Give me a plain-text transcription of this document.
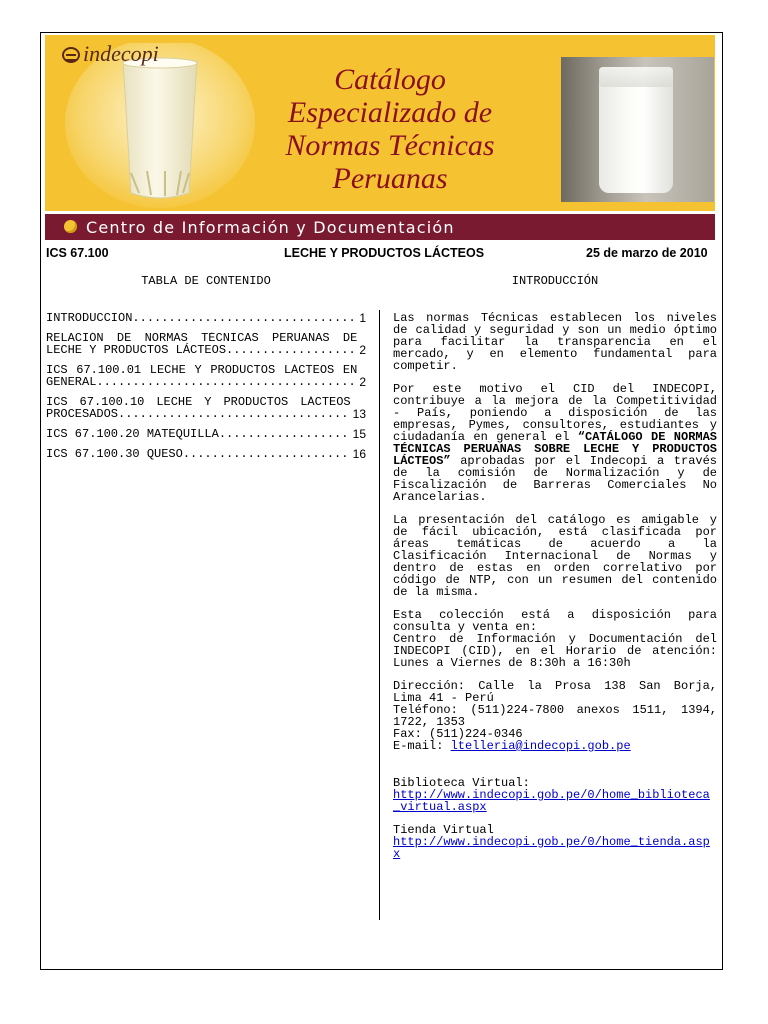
indecopi
Catálogo
Especializado de
Normas Técnicas
Peruanas
Centro de Información y Documentación
ICS 67.100	LECHE Y PRODUCTOS LÁCTEOS	25 de marzo de 2010
TABLA DE CONTENIDO
INTRODUCCIÓN .....	1
RELACIÓN DE NORMAS TÉCNICAS PERUANAS DE LECHE Y PRODUCTOS LÁCTEOS .....	2
ICS 67.100.01 LECHE Y PRODUCTOS LÁCTEOS EN GENERAL .....	2
ICS 67.100.10 LECHE Y PRODUCTOS LÁCTEOS PROCESADOS .....	13
ICS 67.100.20 MATEQUILLA .....	15
ICS 67.100.30 QUESO .....	16
INTRODUCCIÓN

Las normas Técnicas establecen los niveles de calidad y seguridad y son un medio óptimo para facilitar la transparencia en el mercado, y en elemento fundamental para competir.

Por este motivo el CID del INDECOPI, contribuye a la mejora de la Competitividad - País, poniendo a disposición de las empresas, Pymes, consultores, estudiantes y ciudadanía en general el “CATÁLOGO DE NORMAS TÉCNICAS PERUANAS SOBRE LECHE Y PRODUCTOS LÁCTEOS” aprobadas por el Indecopi a través de la comisión de Normalización y de Fiscalización de Barreras Comerciales No Arancelarias.

La presentación del catálogo es amigable y de fácil ubicación, está clasificada por áreas temáticas de acuerdo a la Clasificación Internacional de Normas y dentro de estas en orden correlativo por código de NTP, con un resumen del contenido de la misma.

Esta colección está a disposición para consulta y venta en:
Centro de Información y Documentación del INDECOPI (CID), en el Horario de atención: Lunes a Viernes de 8:30h a 16:30h

Dirección: Calle la Prosa 138 San Borja, Lima 41 - Perú
Teléfono: (511)224-7800 anexos 1511, 1394, 1722, 1353
Fax: (511)224-0346
E-mail: ltelleria@indecopi.gob.pe

Biblioteca Virtual:
http://www.indecopi.gob.pe/0/home_biblioteca_virtual.aspx

Tienda Virtual
http://www.indecopi.gob.pe/0/home_tienda.aspx
